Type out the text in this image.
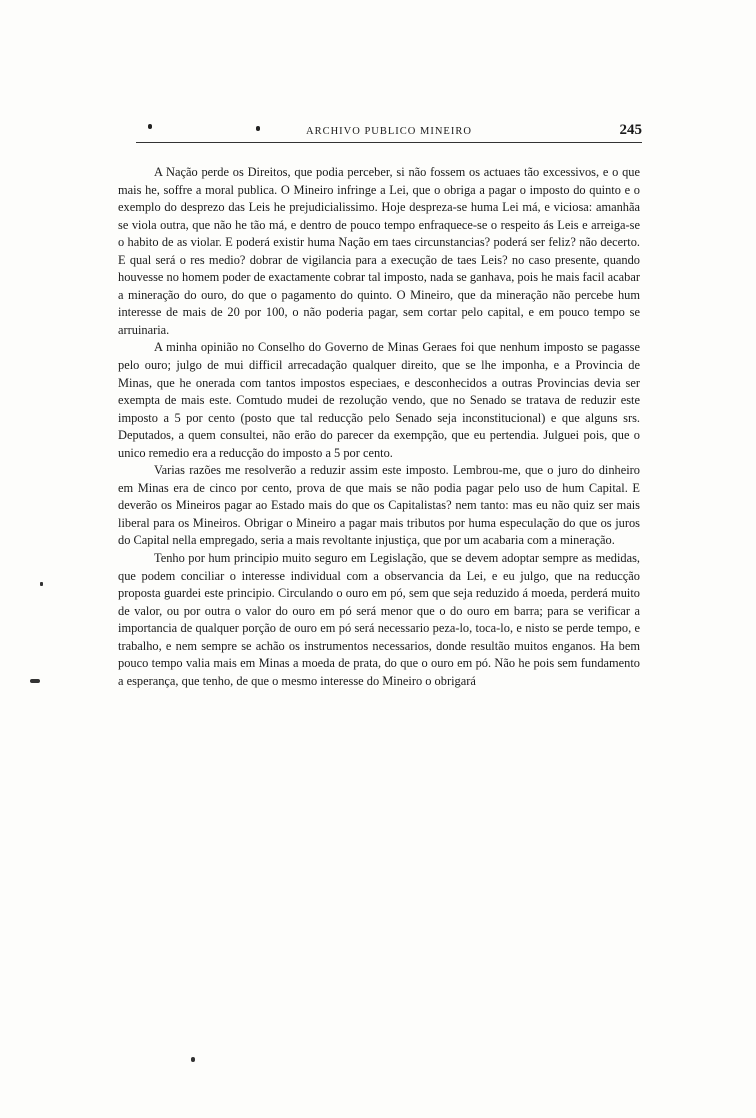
ARCHIVO PUBLICO MINEIRO	245

A Nação perde os Direitos, que podia perceber, si não fossem os actuaes tão excessivos, e o que mais he, soffre a moral publica. O Mineiro infringe a Lei, que o obriga a pagar o imposto do quinto e o exemplo do desprezo das Leis he prejudicialissimo. Hoje despreza-se huma Lei má, e viciosa: amanhãa se viola outra, que não he tão má, e dentro de pouco tempo enfraquece-se o respeito ás Leis e arreiga-se o habito de as violar. E poderá existir huma Nação em taes circunstancias? poderá ser feliz? não decerto. E qual será o res medio? dobrar de vigilancia para a execução de taes Leis? no caso presente, quando houvesse no homem poder de exactamente cobrar tal imposto, nada se ganhava, pois he mais facil acabar a mineração do ouro, do que o pagamento do quinto. O Mineiro, que da mineração não percebe hum interesse de mais de 20 por 100, o não poderia pagar, sem cortar pelo capital, e em pouco tempo se arruinaria.

A minha opinião no Conselho do Governo de Minas Geraes foi que nenhum imposto se pagasse pelo ouro; julgo de mui difficil arrecadação qualquer direito, que se lhe imponha, e a Provincia de Minas, que he onerada com tantos impostos especiaes, e desconhecidos a outras Provincias devia ser exempta de mais este. Comtudo mudei de rezolução vendo, que no Senado se tratava de reduzir este imposto a 5 por cento (posto que tal reducção pelo Senado seja inconstitucional) e que alguns srs. Deputados, a quem consultei, não erão do parecer da exempção, que eu pertendia. Julguei pois, que o unico remedio era a reducção do imposto a 5 por cento.

Varias razões me resolverão a reduzir assim este imposto. Lembrou-me, que o juro do dinheiro em Minas era de cinco por cento, prova de que mais se não podia pagar pelo uso de hum Capital. E deverão os Mineiros pagar ao Estado mais do que os Capitalistas? nem tanto: mas eu não quiz ser mais liberal para os Mineiros. Obrigar o Mineiro a pagar mais tributos por huma especulação do que os juros do Capital nella empregado, seria a mais revoltante injustiça, que por um acabaria com a mineração.

Tenho por hum principio muito seguro em Legislação, que se devem adoptar sempre as medidas, que podem conciliar o interesse individual com a observancia da Lei, e eu julgo, que na reducção proposta guardei este principio. Circulando o ouro em pó, sem que seja reduzido á moeda, perderá muito de valor, ou por outra o valor do ouro em pó será menor que o do ouro em barra; para se verificar a importancia de qualquer porção de ouro em pó será necessario peza-lo, toca-lo, e nisto se perde tempo, e trabalho, e nem sempre se achão os instrumentos necessarios, donde resultão muitos enganos. Ha bem pouco tempo valia mais em Minas a moeda de prata, do que o ouro em pó. Não he pois sem fundamento a esperança, que tenho, de que o mesmo interesse do Mineiro o obrigará
